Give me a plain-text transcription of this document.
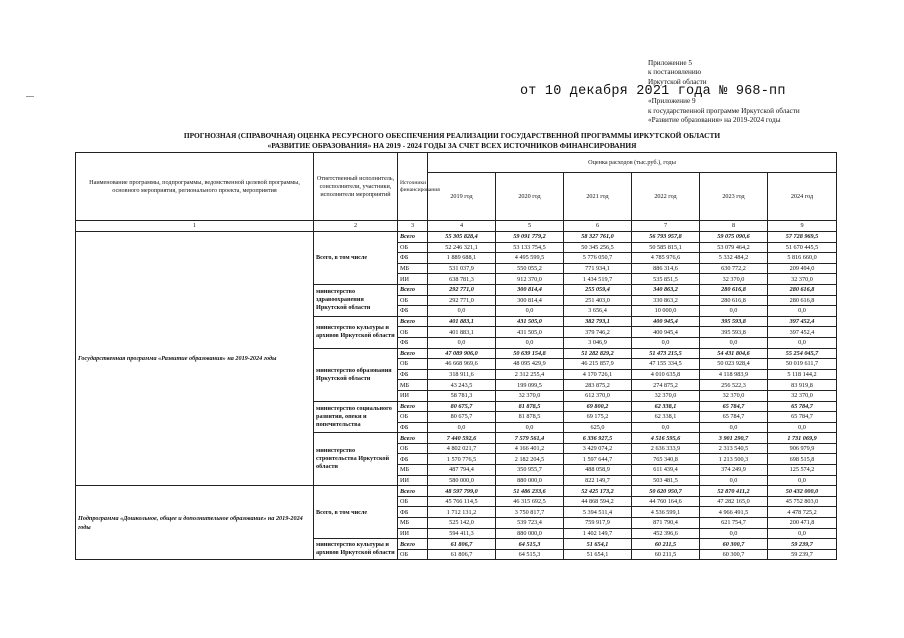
Приложение 5
к постановлению
Иркутской области
от 10 декабря 2021 года № 968-пп
«Приложение 9
к государственной программе Иркутской области
«Развитие образования» на 2019-2024 годы
ПРОГНОЗНАЯ (СПРАВОЧНАЯ) ОЦЕНКА РЕСУРСНОГО ОБЕСПЕЧЕНИЯ РЕАЛИЗАЦИИ ГОСУДАРСТВЕННОЙ ПРОГРАММЫ ИРКУТСКОЙ ОБЛАСТИ
«РАЗВИТИЕ ОБРАЗОВАНИЯ» НА 2019 - 2024 ГОДЫ ЗА СЧЕТ ВСЕХ ИСТОЧНИКОВ ФИНАНСИРОВАНИЯ
Наименование программы, подпрограммы, ведомственной целевой программы, основного мероприятия, регионального проекта, мероприятия	Ответственный исполнитель, соисполнители, участники, исполнители мероприятий	Источники финансирования	Оценка расходов (тыс.руб.), годы					
			2019 год	2020 год	2021 год	2022 год	2023 год	2024 год
1	2	3	4	5	6	7	8	9
Государственная программа «Развитие образования» на 2019-2024 годы	Всего, в том числе	Всего	55 305 828,4	59 091 779,2	58 327 761,0	56 793 957,8	59 075 090,6	57 728 969,5
		ОБ	52 246 321,1	53 133 754,5	50 345 256,5	50 585 815,1	53 079 464,2	51 670 445,5
		ФБ	1 889 688,1	4 495 599,5	5 776 050,7	4 785 976,6	5 332 484,2	5 816 660,0
		МБ	531 037,9	550 055,2	771 934,1	886 314,6	630 772,2	209 494,0
		ИИ	638 781,3	912 370,0	1 434 519,7	535 851,5	32 370,0	32 370,0
	министерство здравоохранения Иркутской области	Всего	292 771,0	300 814,4	255 059,4	340 863,2	280 616,8	280 616,8
		ОБ	292 771,0	300 814,4	251 403,0	330 863,2	280 616,8	280 616,8
		ФБ	0,0	0,0	3 656,4	10 000,0	0,0	0,0
	министерство культуры и архивов Иркутской области	Всего	401 883,1	431 505,0	382 793,1	400 945,4	395 593,8	397 452,4
		ОБ	401 883,1	431 505,0	379 746,2	400 945,4	395 593,8	397 452,4
		ФБ	0,0	0,0	3 046,9	0,0	0,0	0,0
	министерство образования Иркутской области	Всего	47 089 906,0	50 639 154,8	51 282 829,2	51 473 215,5	54 431 804,6	55 254 045,7
		ОБ	46 668 969,6	48 095 429,9	46 215 857,9	47 155 334,5	50 023 928,4	50 019 611,7
		ФБ	318 911,6	2 312 255,4	4 170 726,1	4 010 635,8	4 118 983,9	5 118 144,2
		МБ	43 243,5	199 099,5	283 875,2	274 875,2	256 522,3	83 919,8
		ИИ	58 781,3	32 370,0	612 370,0	32 370,0	32 370,0	32 370,0
	министерство социального развития, опеки и попечительства	Всего	80 675,7	81 878,5	69 800,2	62 338,1	65 784,7	65 784,7
		ОБ	80 675,7	81 878,5	69 175,2	62 338,1	65 784,7	65 784,7
		ФБ	0,0	0,0	625,0	0,0	0,0	0,0
	министерство строительства Иркутской области	Всего	7 440 592,6	7 579 561,4	6 336 927,5	4 516 595,6	3 901 290,7	1 731 069,9
		ОБ	4 802 021,7	4 166 401,2	3 429 074,2	2 636 333,9	2 313 540,5	906 979,9
		ФБ	1 570 776,5	2 182 204,5	1 597 644,7	765 340,8	1 213 500,3	698 515,8
		МБ	487 794,4	350 955,7	488 058,9	611 439,4	374 249,9	125 574,2
		ИИ	580 000,0	880 000,0	822 149,7	503 481,5	0,0	0,0
Подпрограмма «Дошкольное, общее и дополнительное образование» на 2019-2024 годы	Всего, в том числе	Всего	48 597 799,0	51 486 233,6	52 425 173,2	50 620 950,7	52 870 411,2	50 432 000,0
		ОБ	45 766 114,5	46 315 692,5	44 868 594,2	44 760 164,6	47 282 165,0	45 752 803,0
		ФБ	1 712 131,2	3 750 817,7	5 394 511,4	4 536 599,1	4 966 491,5	4 478 725,2
		МБ	525 142,0	539 723,4	759 917,9	871 790,4	621 754,7	200 471,8
		ИИ	594 411,3	880 000,0	1 402 149,7	452 396,6	0,0	0,0
	министерство культуры и архивов Иркутской области	Всего	61 806,7	64 515,3	51 654,1	60 211,5	60 300,7	59 239,7
		ОБ	61 806,7	64 515,3	51 654,1	60 211,5	60 300,7	59 239,7
